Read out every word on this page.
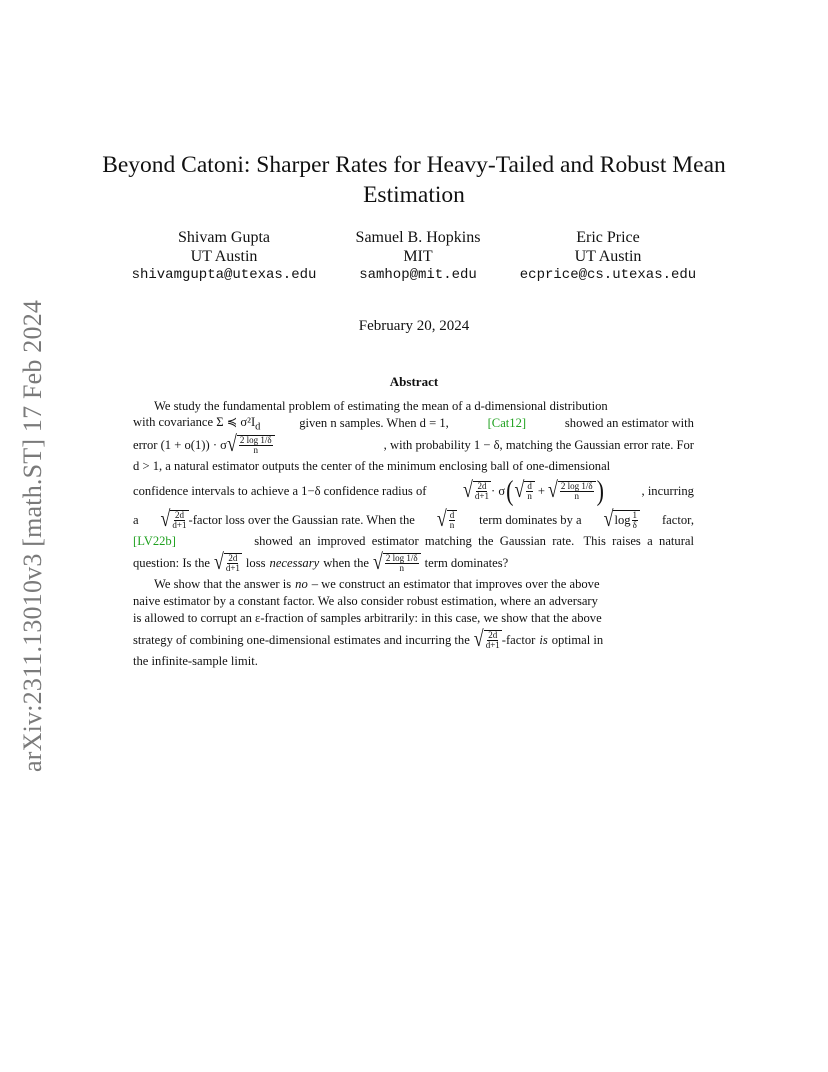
arXiv:2311.13010v3 [math.ST] 17 Feb 2024
Beyond Catoni: Sharper Rates for Heavy-Tailed and Robust Mean
Estimation
Shivam Gupta
UT Austin
shivamgupta@utexas.edu
Samuel B. Hopkins
MIT
samhop@mit.edu
Eric Price
UT Austin
ecprice@cs.utexas.edu
February 20, 2024
Abstract
We study the fundamental problem of estimating the mean of a d-dimensional distribution
with covariance Σ ≼ $\sigma^2I_d$	given n samples. When d = 1,	[Cat12]	showed an estimator with
error (1 + o(1)) · σ √ $\frac{2 \log 1/\delta}{n}$	, with probability 1 − δ, matching the Gaussian error rate. For
d > 1, a natural estimator outputs the center of the minimum enclosing ball of one-dimensional
confidence intervals to achieve a 1−δ confidence radius of √ $\frac{2d}{d+1} \cdot \sigma$ ( √ $\frac{d}{n}$ + √ $\frac{2 \log 1/\delta}{n}$ )	, incurring
a √ $\frac{2d}{d+1}$ -factor loss over the Gaussian rate. When the √ $\frac{d}{n}$ term dominates by a √ $\log \frac{1}{\delta}$ factor,
[LV22b]	showed  an  improved  estimator  matching  the  Gaussian  rate.   This  raises  a  natural
question: Is the √ $\frac{2d}{d+1}$ loss necessary when the √ $\frac{2 \log 1/\delta}{n}$ term dominates?
We show that the answer is no – we construct an estimator that improves over the above
naive estimator by a constant factor. We also consider robust estimation, where an adversary
is allowed to corrupt an ε-fraction of samples arbitrarily: in this case, we show that the above
strategy of combining one-dimensional estimates and incurring the √ $\frac{2d}{d+1}$ -factor is optimal in
the infinite-sample limit.
